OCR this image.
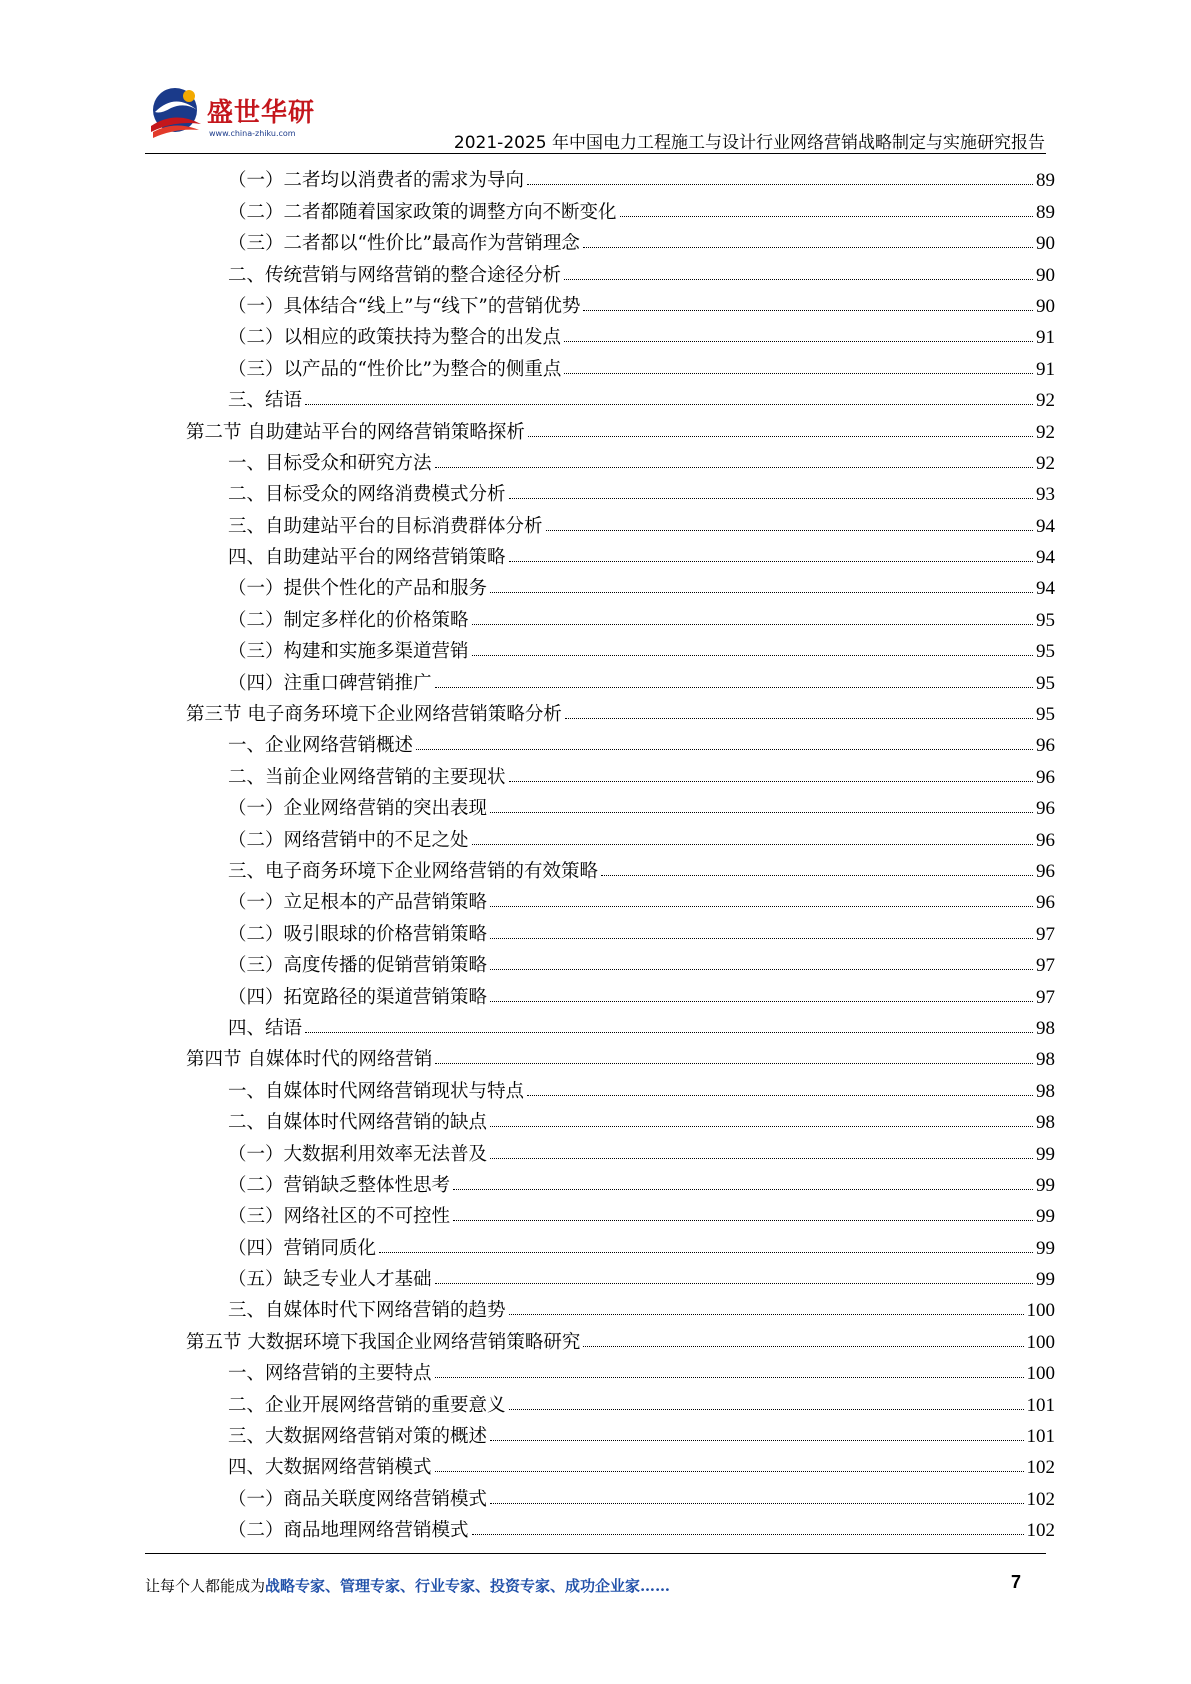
盛世华研
www.china-zhiku.com	2021-2025 年中国电力工程施工与设计行业网络营销战略制定与实施研究报告
（一）二者均以消费者的需求为导向	89
（二）二者都随着国家政策的调整方向不断变化	89
（三）二者都以“性价比”最高作为营销理念	90
二、传统营销与网络营销的整合途径分析	90
（一）具体结合“线上”与“线下”的营销优势	90
（二）以相应的政策扶持为整合的出发点	91
（三）以产品的“性价比”为整合的侧重点	91
三、结语	92
第二节 自助建站平台的网络营销策略探析	92
一、目标受众和研究方法	92
二、目标受众的网络消费模式分析	93
三、自助建站平台的目标消费群体分析	94
四、自助建站平台的网络营销策略	94
（一）提供个性化的产品和服务	94
（二）制定多样化的价格策略	95
（三）构建和实施多渠道营销	95
（四）注重口碑营销推广	95
第三节 电子商务环境下企业网络营销策略分析	95
一、企业网络营销概述	96
二、当前企业网络营销的主要现状	96
（一）企业网络营销的突出表现	96
（二）网络营销中的不足之处	96
三、电子商务环境下企业网络营销的有效策略	96
（一）立足根本的产品营销策略	96
（二）吸引眼球的价格营销策略	97
（三）高度传播的促销营销策略	97
（四）拓宽路径的渠道营销策略	97
四、结语	98
第四节 自媒体时代的网络营销	98
一、自媒体时代网络营销现状与特点	98
二、自媒体时代网络营销的缺点	98
（一）大数据利用效率无法普及	99
（二）营销缺乏整体性思考	99
（三）网络社区的不可控性	99
（四）营销同质化	99
（五）缺乏专业人才基础	99
三、自媒体时代下网络营销的趋势	100
第五节 大数据环境下我国企业网络营销策略研究	100
一、网络营销的主要特点	100
二、企业开展网络营销的重要意义	101
三、大数据网络营销对策的概述	101
四、大数据网络营销模式	102
（一）商品关联度网络营销模式	102
（二）商品地理网络营销模式	102
让每个人都能成为战略专家、管理专家、行业专家、投资专家、成功企业家……	7
